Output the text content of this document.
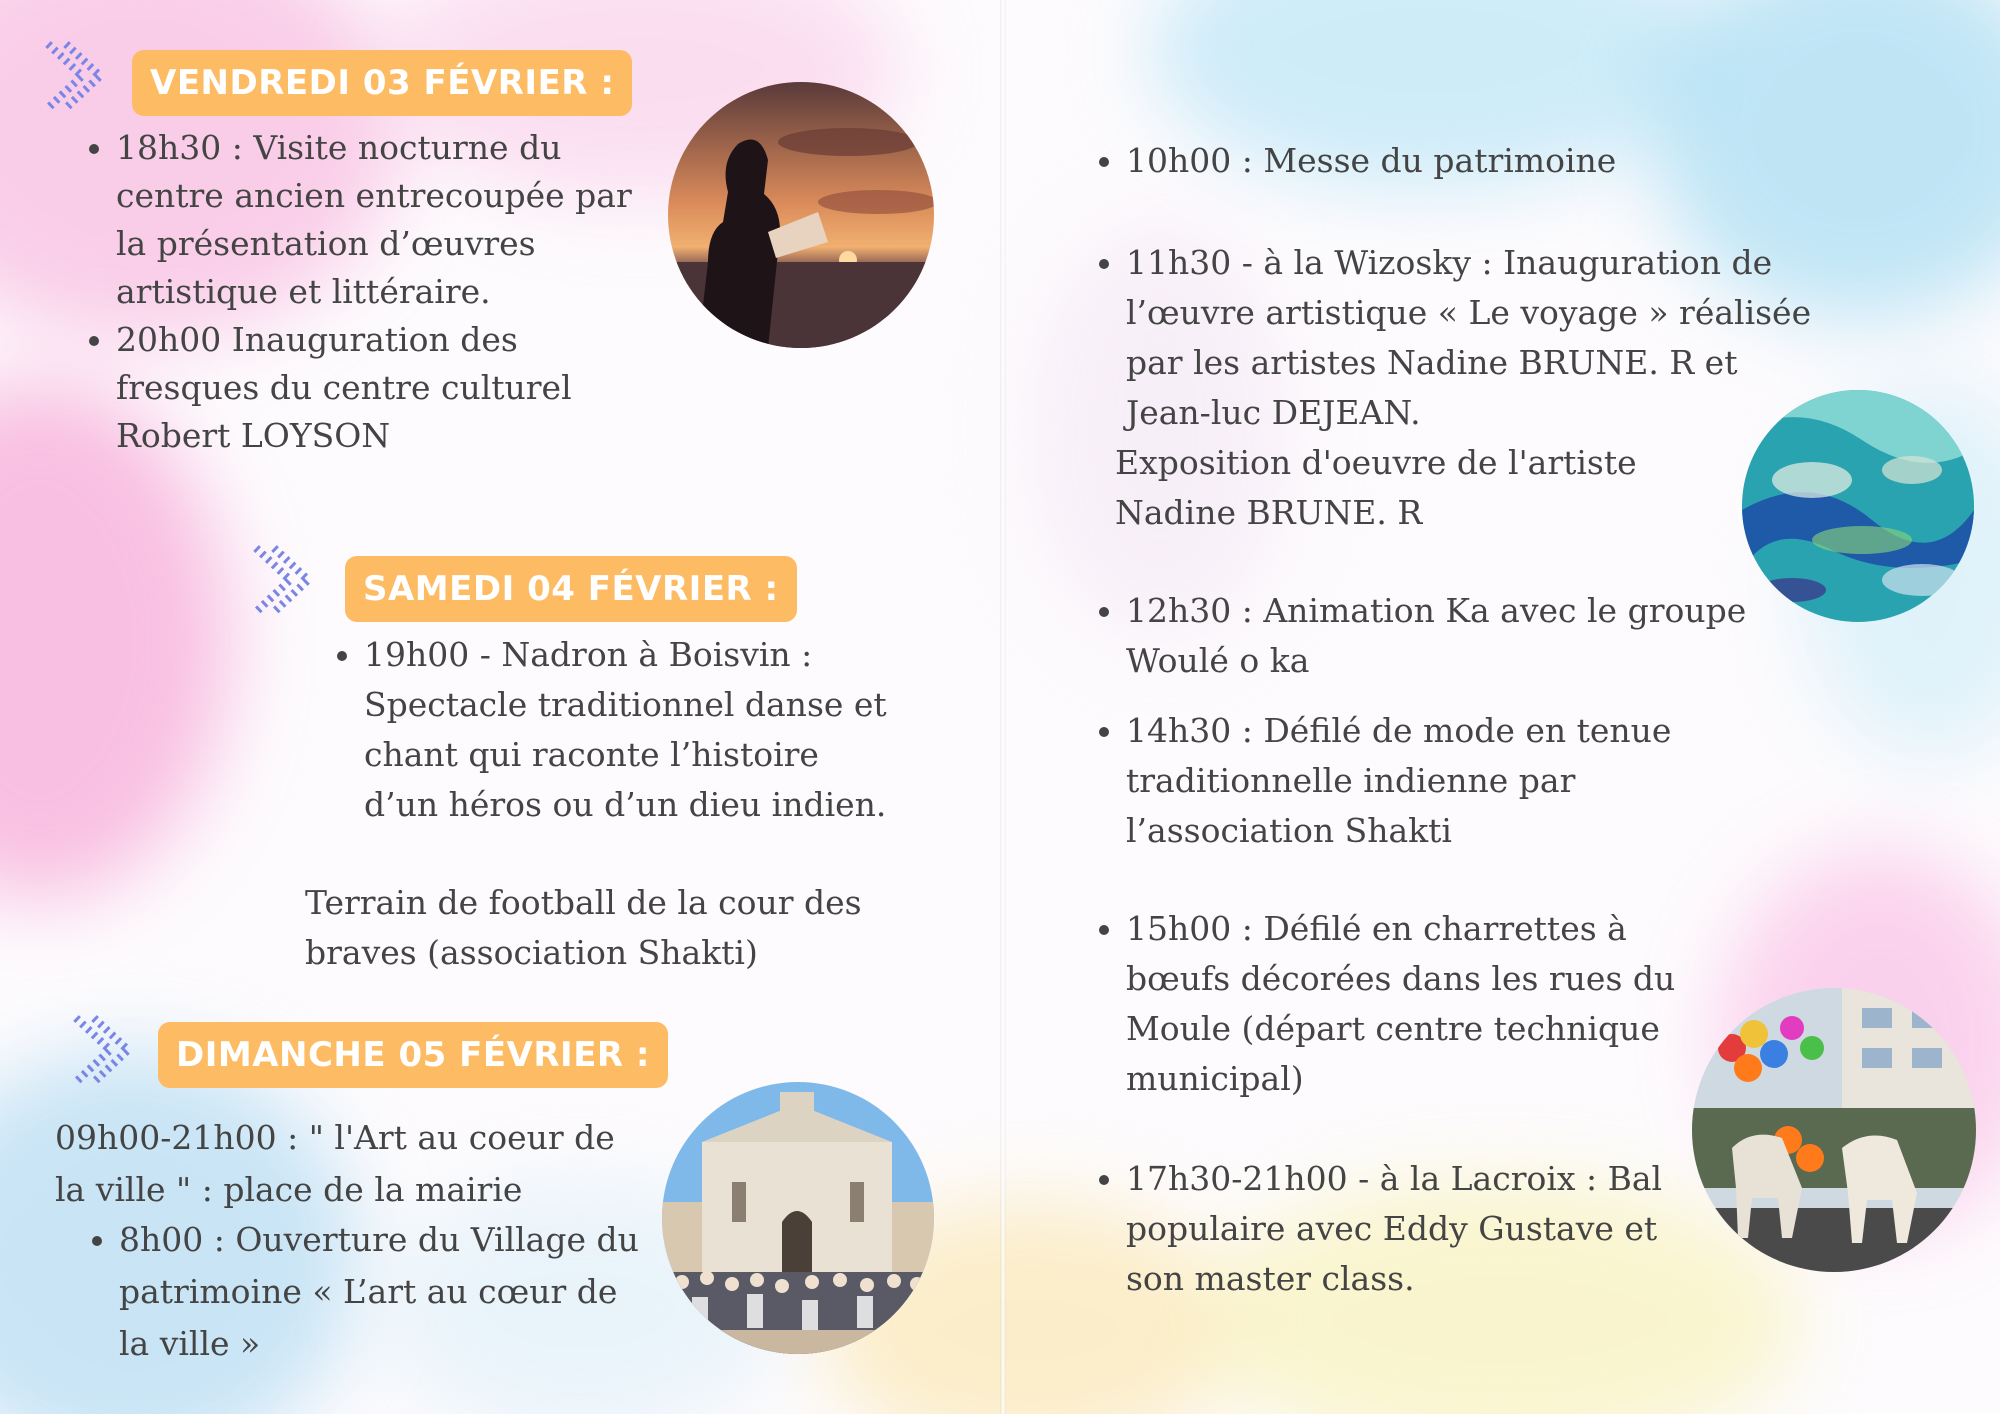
VENDREDI 03 FÉVRIER :
SAMEDI 04 FÉVRIER :
DIMANCHE 05 FÉVRIER :
• 18h30 : Visite nocturne du centre ancien entrecoupée par la présentation d’œuvres artistique et littéraire.
• 20h00 Inauguration des fresques du centre culturel Robert LOYSON
• 19h00 - Nadron à Boisvin : Spectacle traditionnel danse et chant qui raconte l’histoire d’un héros ou d’un dieu indien.

Terrain de football de la cour des braves (association Shakti)

09h00-21h00 : " l'Art au coeur de la ville " : place de la mairie

• 8h00 : Ouverture du Village du patrimoine « L’art au cœur de la ville »
• 10h00 : Messe du patrimoine
• 11h30 - à la Wizosky : Inauguration de l’œuvre artistique « Le voyage » réalisée par les artistes Nadine BRUNE. R et Jean-luc DEJEAN.

Exposition d'oeuvre de l'artiste Nadine BRUNE. R

• 12h30 : Animation Ka avec le groupe Woulé o ka
• 14h30 : Défilé de mode en tenue traditionnelle indienne par l’association Shakti
• 15h00 : Défilé en charrettes à bœufs décorées dans les rues du Moule (départ centre technique municipal)
• 17h30-21h00 - à la Lacroix : Bal populaire avec Eddy Gustave et son master class.
